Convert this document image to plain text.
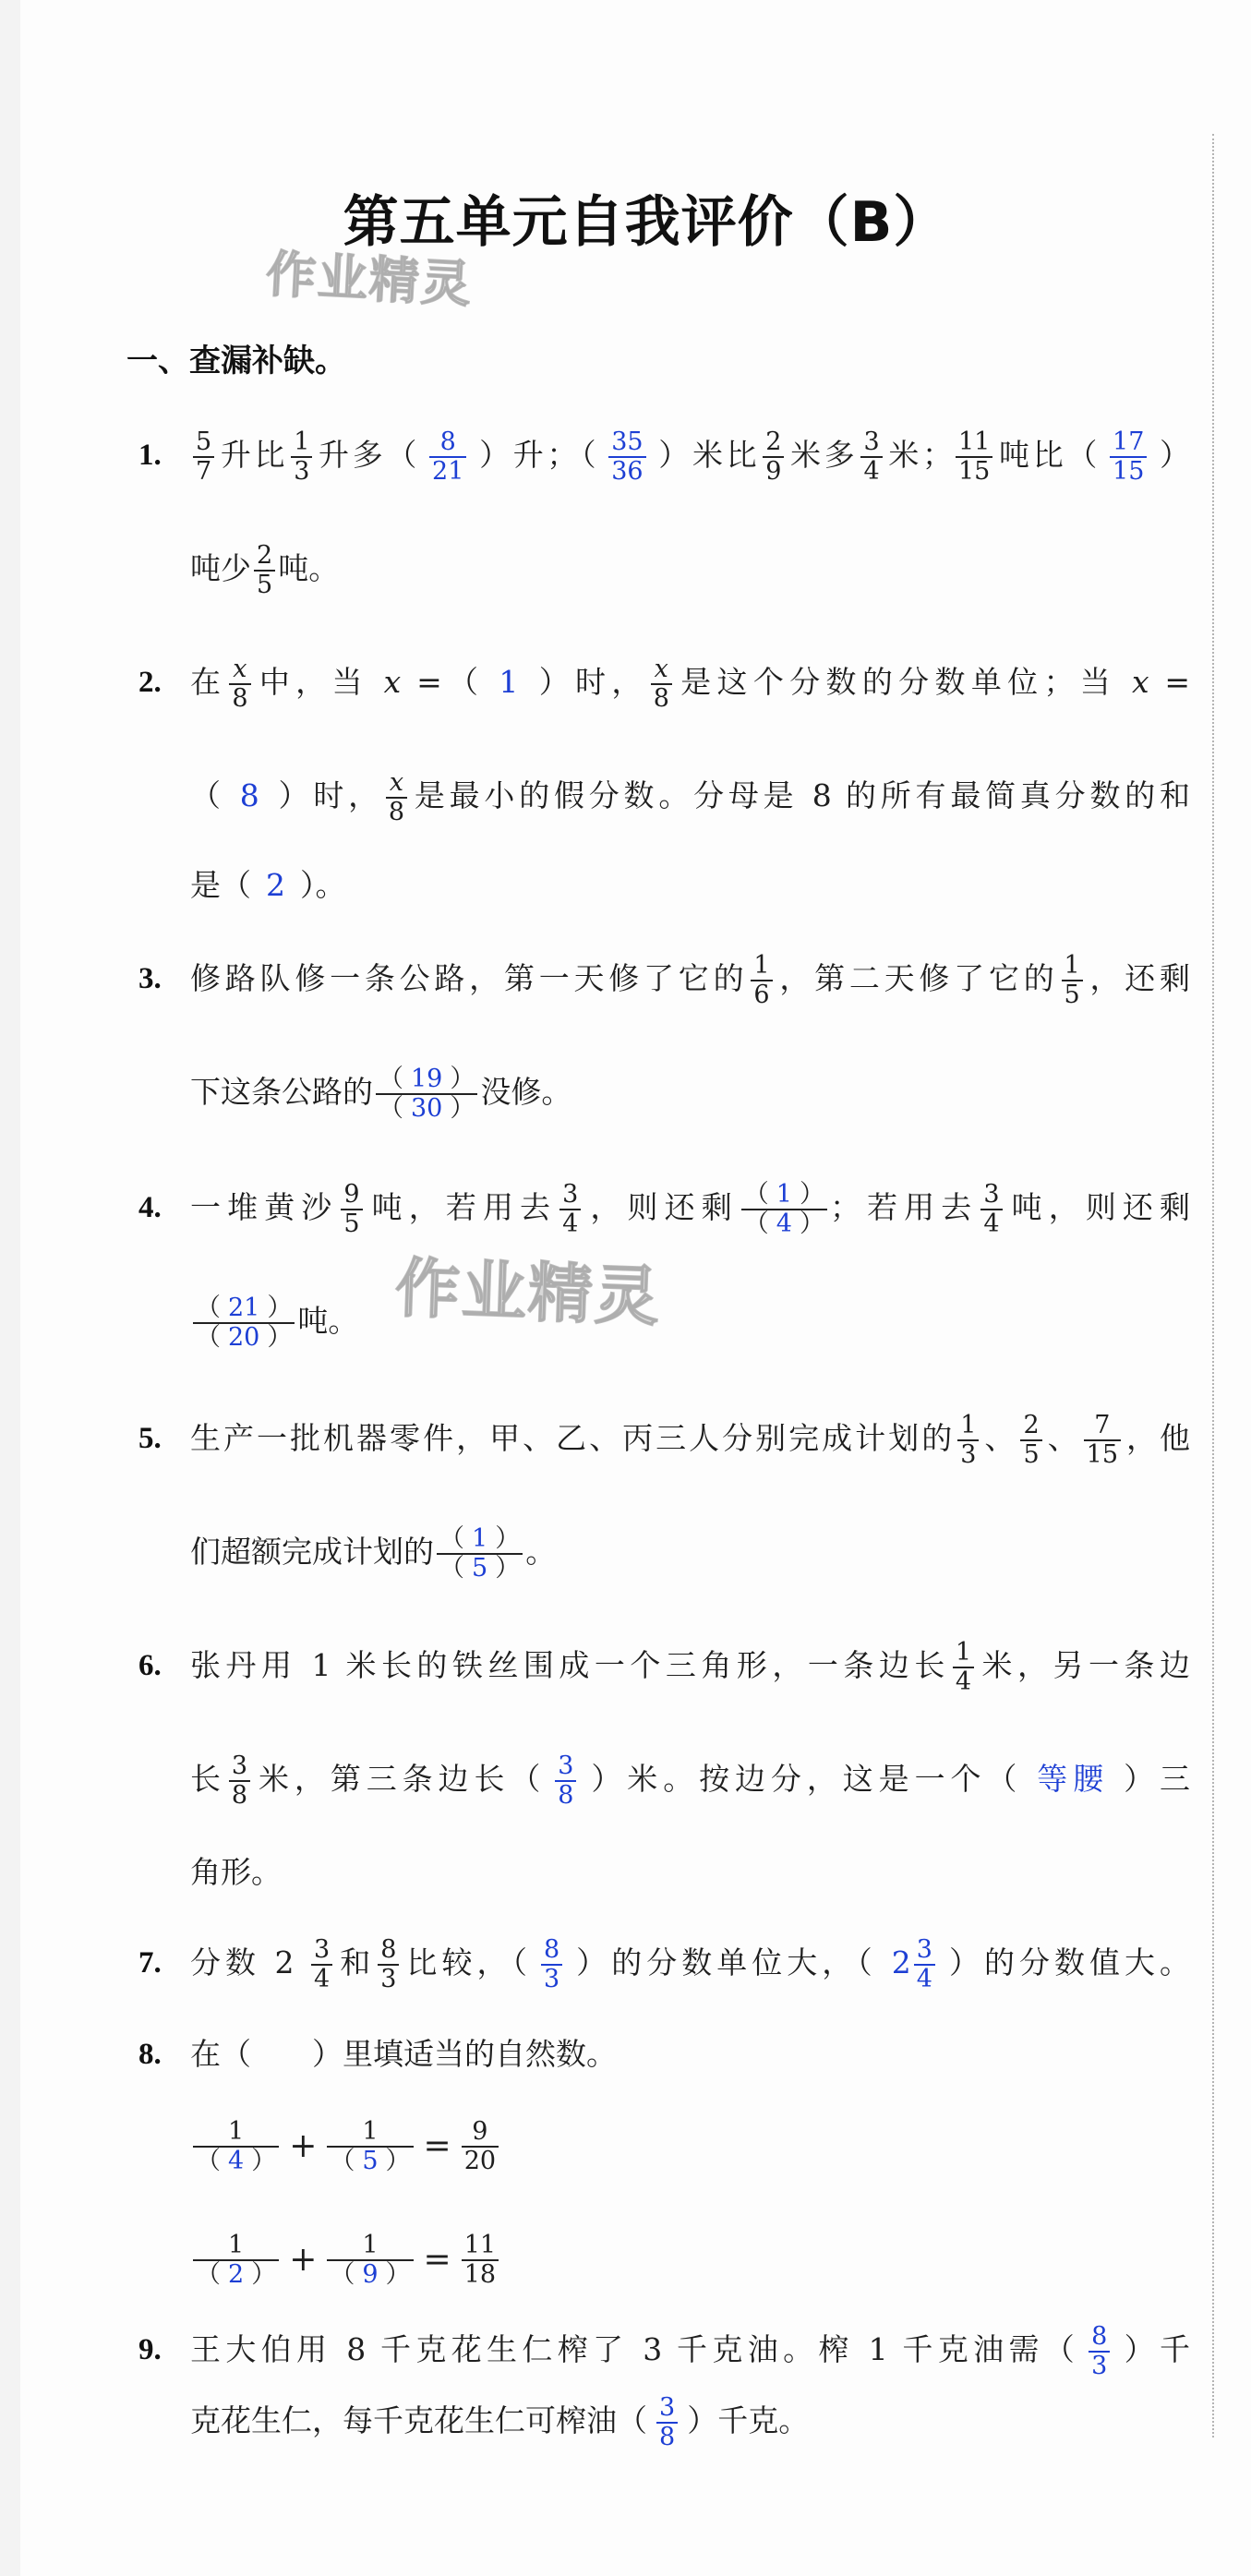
作业精灵
作业精灵
第五单元自我评价（B）
一、查漏补缺。
1. $\frac{5}{7}$ 升比 $\frac{1}{3}$ 升多（ $\frac{8}{21}$ ）升；（ $\frac{35}{36}$ ）米比 $\frac{2}{9}$ 米多 $\frac{3}{4}$ 米； $\frac{11}{15}$ 吨比（ $\frac{17}{15}$ ）
吨少 $\frac{2}{5}$ 吨。
2. 在 $\frac{x}{8}$ 中，当 x =（ 1 ）时， $\frac{x}{8}$ 是这个分数的分数单位；当 x =
（ 8 ）时， $\frac{x}{8}$ 是最小的假分数。分母是 8 的所有最简真分数的和
是（ 2 ）。
3. 修路队修一条公路，第一天修了它的 $\frac{1}{6}$ ，第二天修了它的 $\frac{1}{5}$ ，还剩
下这条公路的 $\frac{( 19 )}{( 30 )}$ 没修。
4. 一堆黄沙 $\frac{9}{5}$ 吨，若用去 $\frac{3}{4}$ ，则还剩 $\frac{( 1 )}{( 4 )}$ ；若用去 $\frac{3}{4}$ 吨，则还剩
$\frac{( 21 )}{( 20 )}$ 吨。
5. 生产一批机器零件，甲、乙、丙三人分别完成计划的 $\frac{1}{3}$ 、 $\frac{2}{5}$ 、 $\frac{7}{15}$ ，他
们超额完成计划的 $\frac{( 1 )}{( 5 )}$ 。
6. 张丹用 1 米长的铁丝围成一个三角形，一条边长 $\frac{1}{4}$ 米，另一条边
长 $\frac{3}{8}$ 米，第三条边长（ $\frac{3}{8}$ ）米。按边分，这是一个（ 等腰 ）三
角形。
7. 分数 $2 \frac{3}{4}$ 和 $\frac{8}{3}$ 比较，（ $\frac{8}{3}$ ）的分数单位大，（ $2 \frac{3}{4}$ ）的分数值大。
8. 在（　　）里填适当的自然数。
$\frac{1}{( 4 )} + \frac{1}{( 5 )} = \frac{9}{20}$
$\frac{1}{( 2 )} + \frac{1}{( 9 )} = \frac{11}{18}$
9. 王大伯用 8 千克花生仁榨了 3 千克油。榨 1 千克油需（ $\frac{8}{3}$ ）千
克花生仁，每千克花生仁可榨油（ $\frac{3}{8}$ ）千克。
